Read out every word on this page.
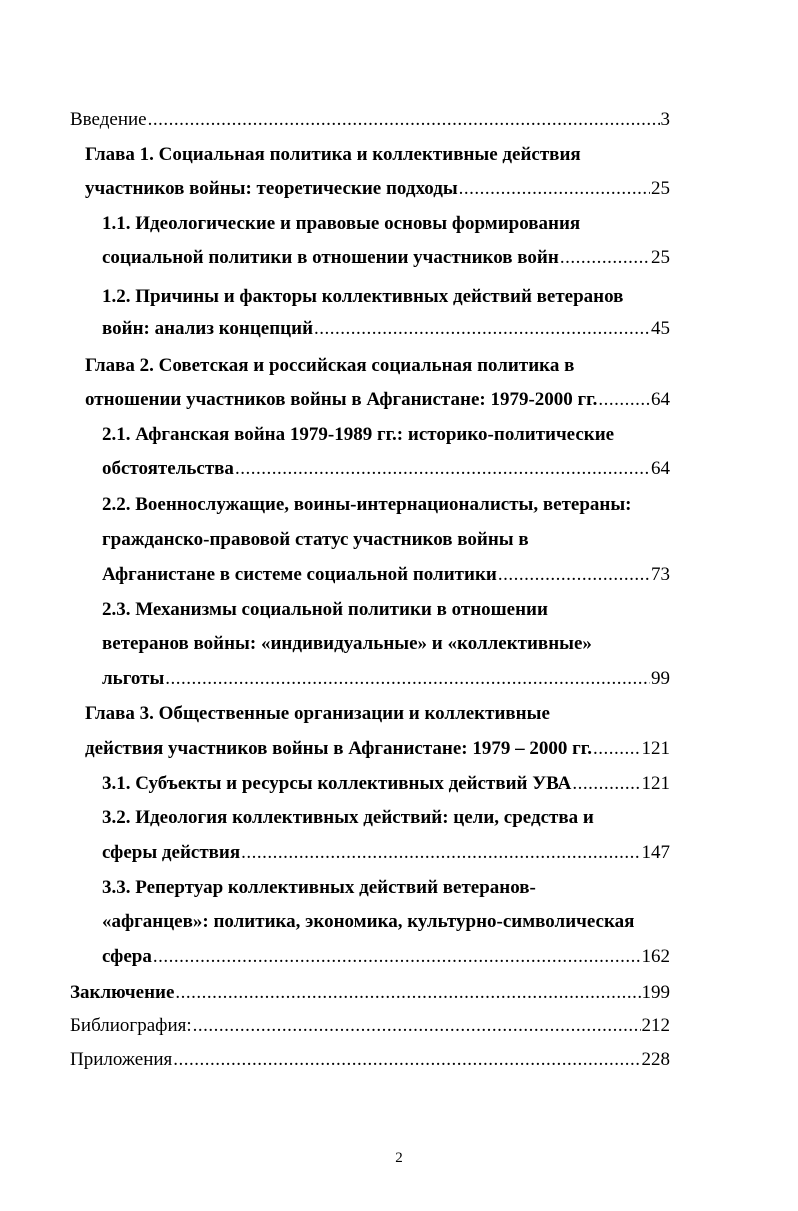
Введение .....	3
Глава 1. Социальная политика и коллективные действия
участников войны: теоретические подходы .....	25
1.1. Идеологические и правовые основы формирования
социальной политики в отношении участников войн .....	25
1.2. Причины и факторы коллективных действий ветеранов
войн: анализ концепций .....	45
Глава 2. Советская и российская социальная политика в
отношении участников войны в Афганистане: 1979-2000 гг. .....	64
2.1. Афганская война 1979-1989 гг.: историко-политические
обстоятельства .....	64
2.2. Военнослужащие, воины-интернационалисты, ветераны:
гражданско-правовой статус участников войны в
Афганистане в системе социальной политики .....	73
2.3. Механизмы социальной политики в отношении
ветеранов войны: «индивидуальные» и «коллективные»
льготы .....	99
Глава 3. Общественные организации и коллективные
действия участников войны в Афганистане: 1979 – 2000 гг. .....	121
3.1. Субъекты и ресурсы коллективных действий УВА .....	121
3.2. Идеология коллективных действий: цели, средства и
сферы действия .....	147
3.3. Репертуар коллективных действий ветеранов-
«афганцев»: политика, экономика, культурно-символическая
сфера .....	162
Заключение .....	199
Библиография: .....	212
Приложения .....	228
2
